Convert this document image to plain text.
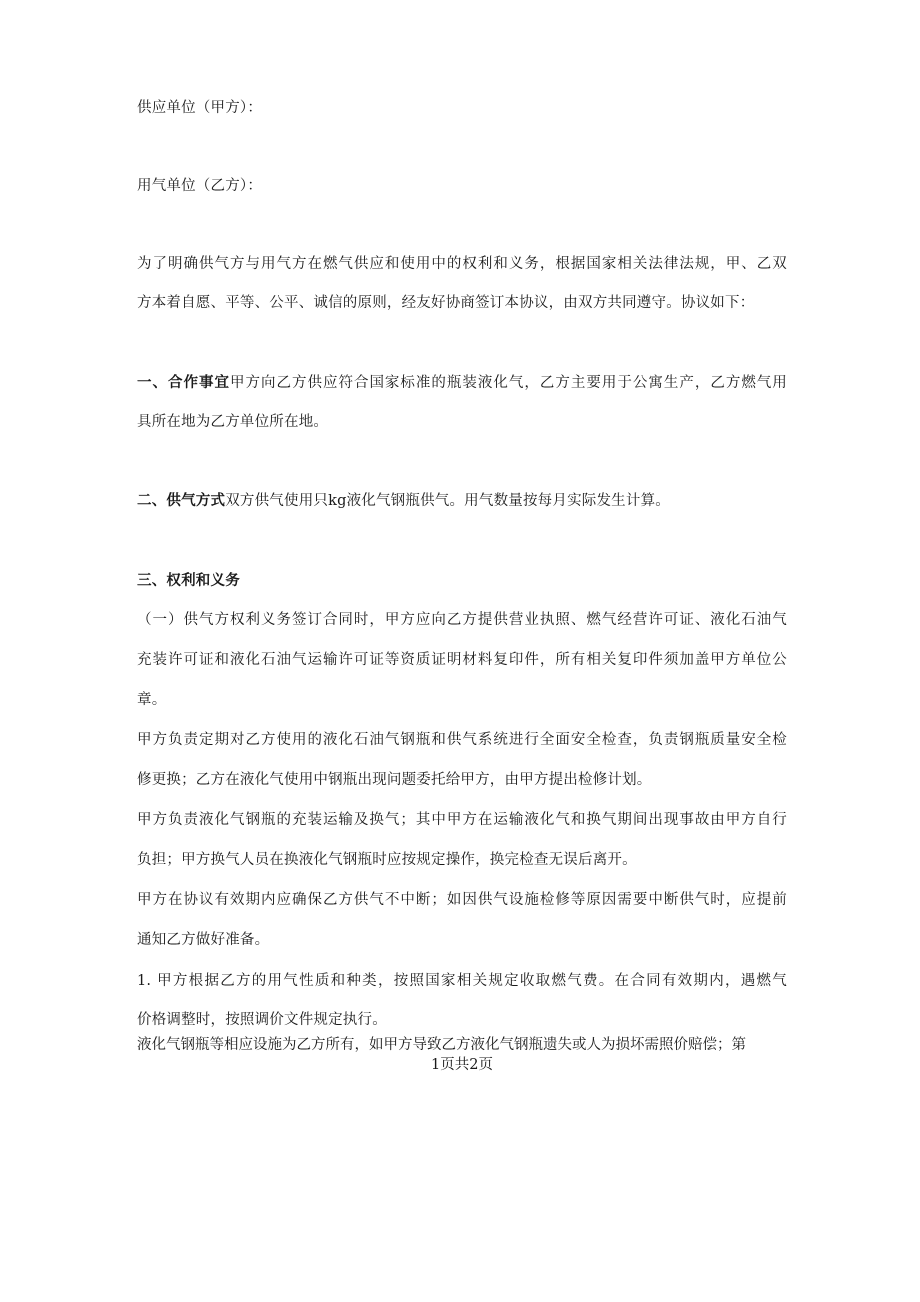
供应单位（甲方）：
用气单位（乙方）：
为了明确供气方与用气方在燃气供应和使用中的权利和义务，根据国家相关法律法规，甲、乙双
方本着自愿、平等、公平、诚信的原则，经友好协商签订本协议，由双方共同遵守。协议如下：
一、合作事宜甲方向乙方供应符合国家标准的瓶装液化气，乙方主要用于公寓生产，乙方燃气用
具所在地为乙方单位所在地。
二、供气方式双方供气使用只kg液化气钢瓶供气。用气数量按每月实际发生计算。
三、权利和义务
（一）供气方权利义务签订合同时，甲方应向乙方提供营业执照、燃气经营许可证、液化石油气
充装许可证和液化石油气运输许可证等资质证明材料复印件，所有相关复印件须加盖甲方单位公
章。
甲方负责定期对乙方使用的液化石油气钢瓶和供气系统进行全面安全检查，负责钢瓶质量安全检
修更换；乙方在液化气使用中钢瓶出现问题委托给甲方，由甲方提出检修计划。
甲方负责液化气钢瓶的充装运输及换气；其中甲方在运输液化气和换气期间出现事故由甲方自行
负担；甲方换气人员在换液化气钢瓶时应按规定操作，换完检查无误后离开。
甲方在协议有效期内应确保乙方供气不中断；如因供气设施检修等原因需要中断供气时，应提前
通知乙方做好准备。
1. 甲方根据乙方的用气性质和种类，按照国家相关规定收取燃气费。在合同有效期内，遇燃气
价格调整时，按照调价文件规定执行。
液化气钢瓶等相应设施为乙方所有，如甲方导致乙方液化气钢瓶遗失或人为损坏需照价赔偿；第
1页共2页
